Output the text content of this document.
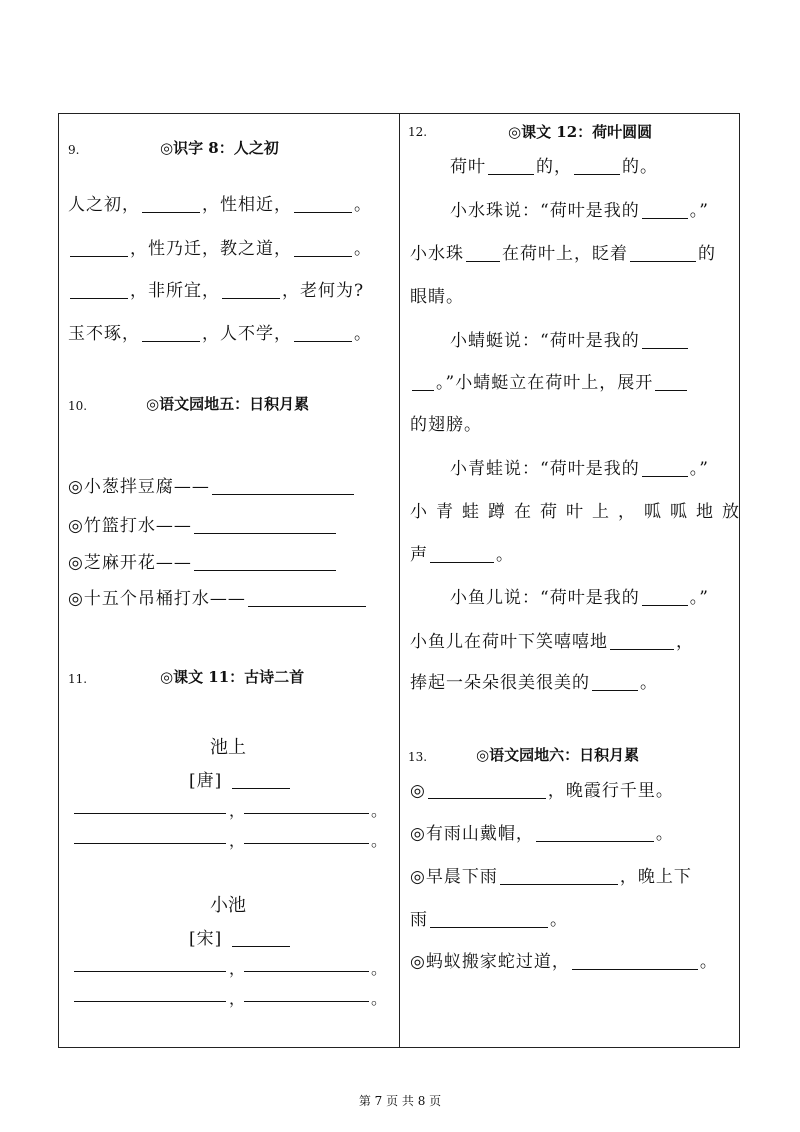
9.	◎识字 8：人之初
人之初，	，性相近，	。
，性乃迁，教之道，	。
，非所宜，	，老何为?
玉不琢，	，人不学，	。
10.	◎语文园地五：日积月累
◎小葱拌豆腐——
◎竹篮打水——
◎芝麻开花——
◎十五个吊桶打水——
11.	◎课文 11：古诗二首
池上
[唐]
，	。
，	。
小池
[宋]
，	。
，	。
12.	◎课文 12：荷叶圆圆
荷叶	的，	的。
小水珠说：“荷叶是我的	。”
小水珠 在荷叶上，眨着	的
眼睛。
小蜻蜓说：“荷叶是我的
。”小蜻蜓立在荷叶上，展开
的翅膀。
小青蛙说：“荷叶是我的	。”
小青蛙蹲在荷叶上，呱呱地放
声	。
小鱼儿说：“荷叶是我的	。”
小鱼儿在荷叶下笑嘻嘻地	，
捧起一朵朵很美很美的	。
13.	◎语文园地六：日积月累
◎	，晚霞行千里。
◎有雨山戴帽，	。
◎早晨下雨	，晚上下
雨	。
◎蚂蚁搬家蛇过道，	。
第 7 页 共 8 页
